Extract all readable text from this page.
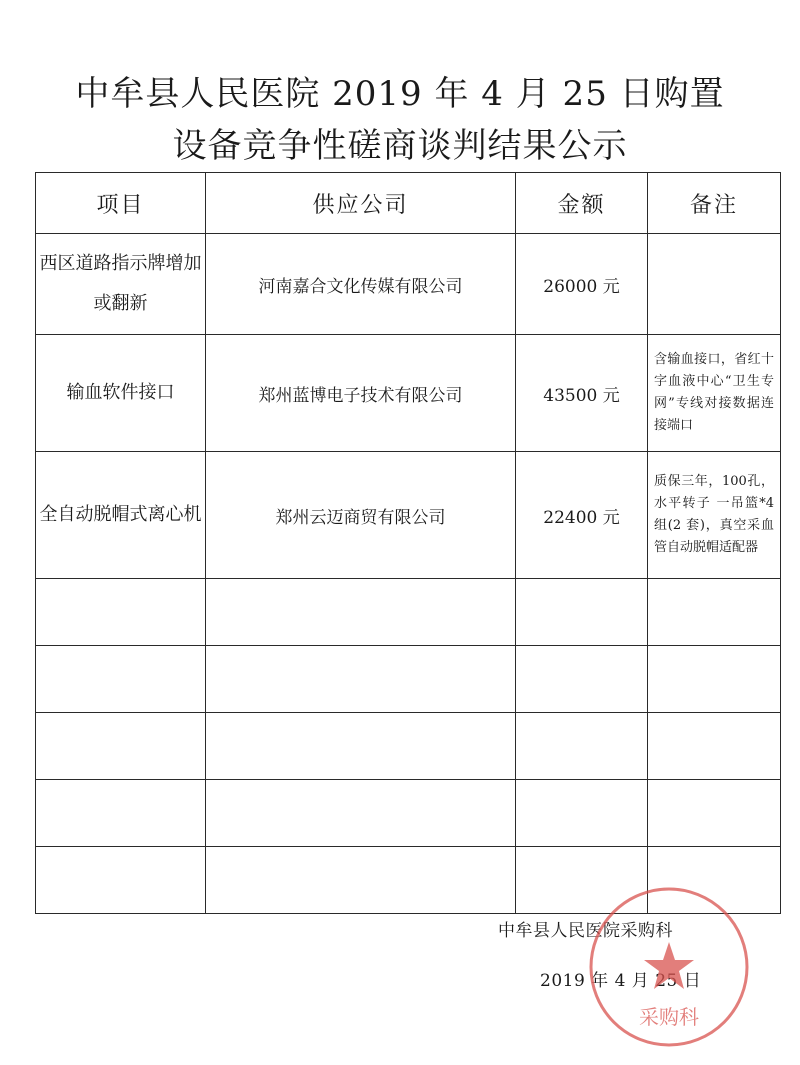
中牟县人民医院 2019 年 4 月 25 日购置
设备竞争性磋商谈判结果公示
项目	供应公司	金额	备注
西区道路指示牌增加或翻新	河南嘉合文化传媒有限公司	26000 元	
输血软件接口	郑州蓝博电子技术有限公司	43500 元	含输血接口，省红十字血液中心“卫生专网”专线对接数据连接端口
全自动脱帽式离心机	郑州云迈商贸有限公司	22400 元	质保三年，100孔，水平转子 一吊篮*4 组(2 套)，真空采血管自动脱帽适配器

中牟县人民医院采购科
2019 年 4 月 25 日
采购科
